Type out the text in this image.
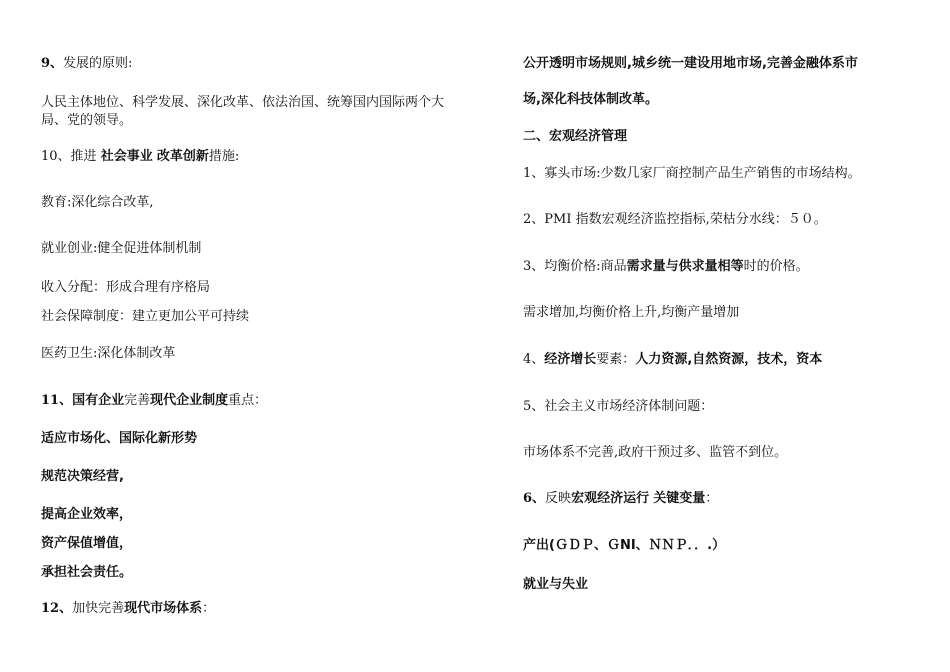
9、发展的原则:
人民主体地位、科学发展、深化改革、依法治国、统筹国内国际两个大局、党的领导。
10、推进 社会事业 改革创新措施:
教育:深化综合改革,
就业创业:健全促进体制机制
收入分配：形成合理有序格局
社会保障制度：建立更加公平可持续
医药卫生:深化体制改革
11、国有企业完善现代企业制度重点：
适应市场化、国际化新形势
规范决策经营,
提高企业效率，
资产保值增值，
承担社会责任。
12、加快完善现代市场体系：
公开透明市场规则,城乡统一建设用地市场,完善金融体系市
场,深化科技体制改革。
二、宏观经济管理
1、寡头市场:少数几家厂商控制产品生产销售的市场结构。
2、PMI 指数宏观经济监控指标,荣枯分水线：５０。
3、均衡价格:商品需求量与供求量相等时的价格。
需求增加,均衡价格上升,均衡产量增加
4、经济增长要素：人力资源,自然资源，技术，资本
5、社会主义市场经济体制问题：
市场体系不完善,政府干预过多、监管不到位。
6、反映宏观经济运行 关键变量：
产出(ＧＤＰ、ＧNI、ＮＮＰ．．.）
就业与失业
